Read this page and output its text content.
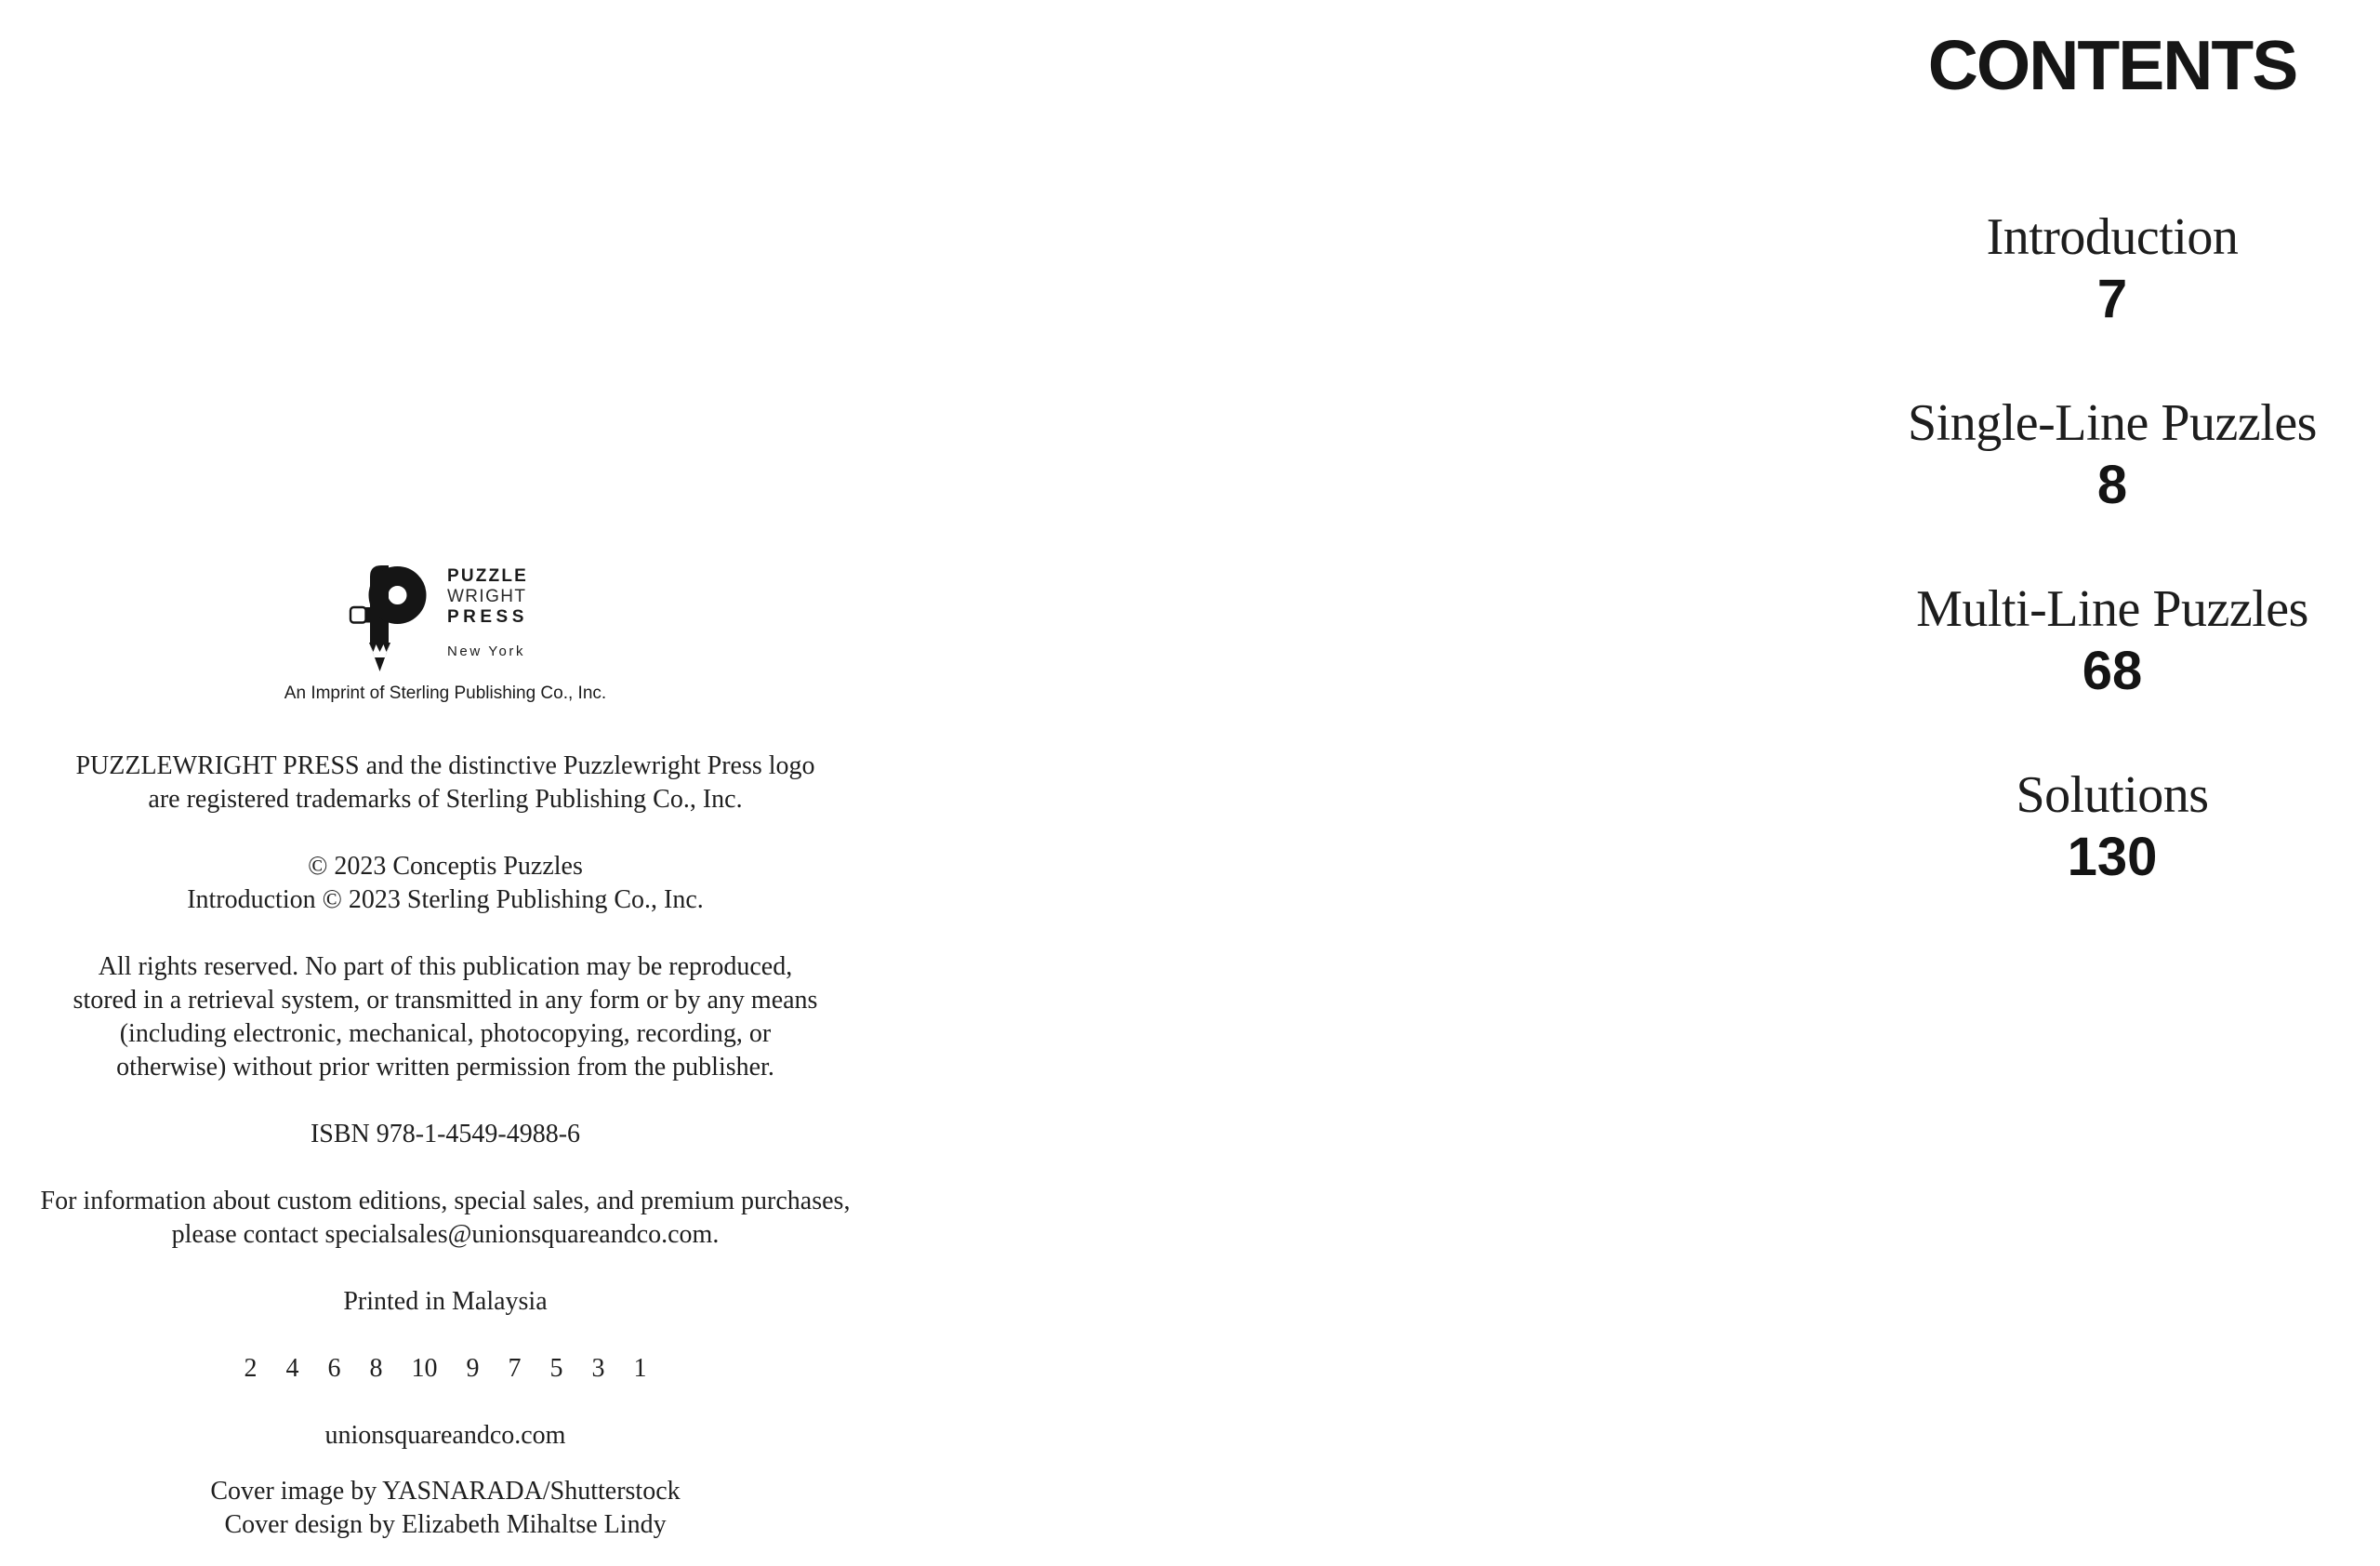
PUZZLE
WRIGHT
PRESS
New York
An Imprint of Sterling Publishing Co., Inc.
PUZZLEWRIGHT PRESS and the distinctive Puzzlewright Press logo
are registered trademarks of Sterling Publishing Co., Inc.
© 2023 Conceptis Puzzles
Introduction © 2023 Sterling Publishing Co., Inc.
All rights reserved. No part of this publication may be reproduced,
stored in a retrieval system, or transmitted in any form or by any means
(including electronic, mechanical, photocopying, recording, or
otherwise) without prior written permission from the publisher.
ISBN 978-1-4549-4988-6
For information about custom editions, special sales, and premium purchases,
please contact specialsales@unionsquareandco.com.
Printed in Malaysia
2 4 6 8 10 9 7 5 3 1
unionsquareandco.com
Cover image by YASNARADA/Shutterstock
Cover design by Elizabeth Mihaltse Lindy
CONTENTS
Introduction
7
Single-Line Puzzles
8
Multi-Line Puzzles
68
Solutions
130
